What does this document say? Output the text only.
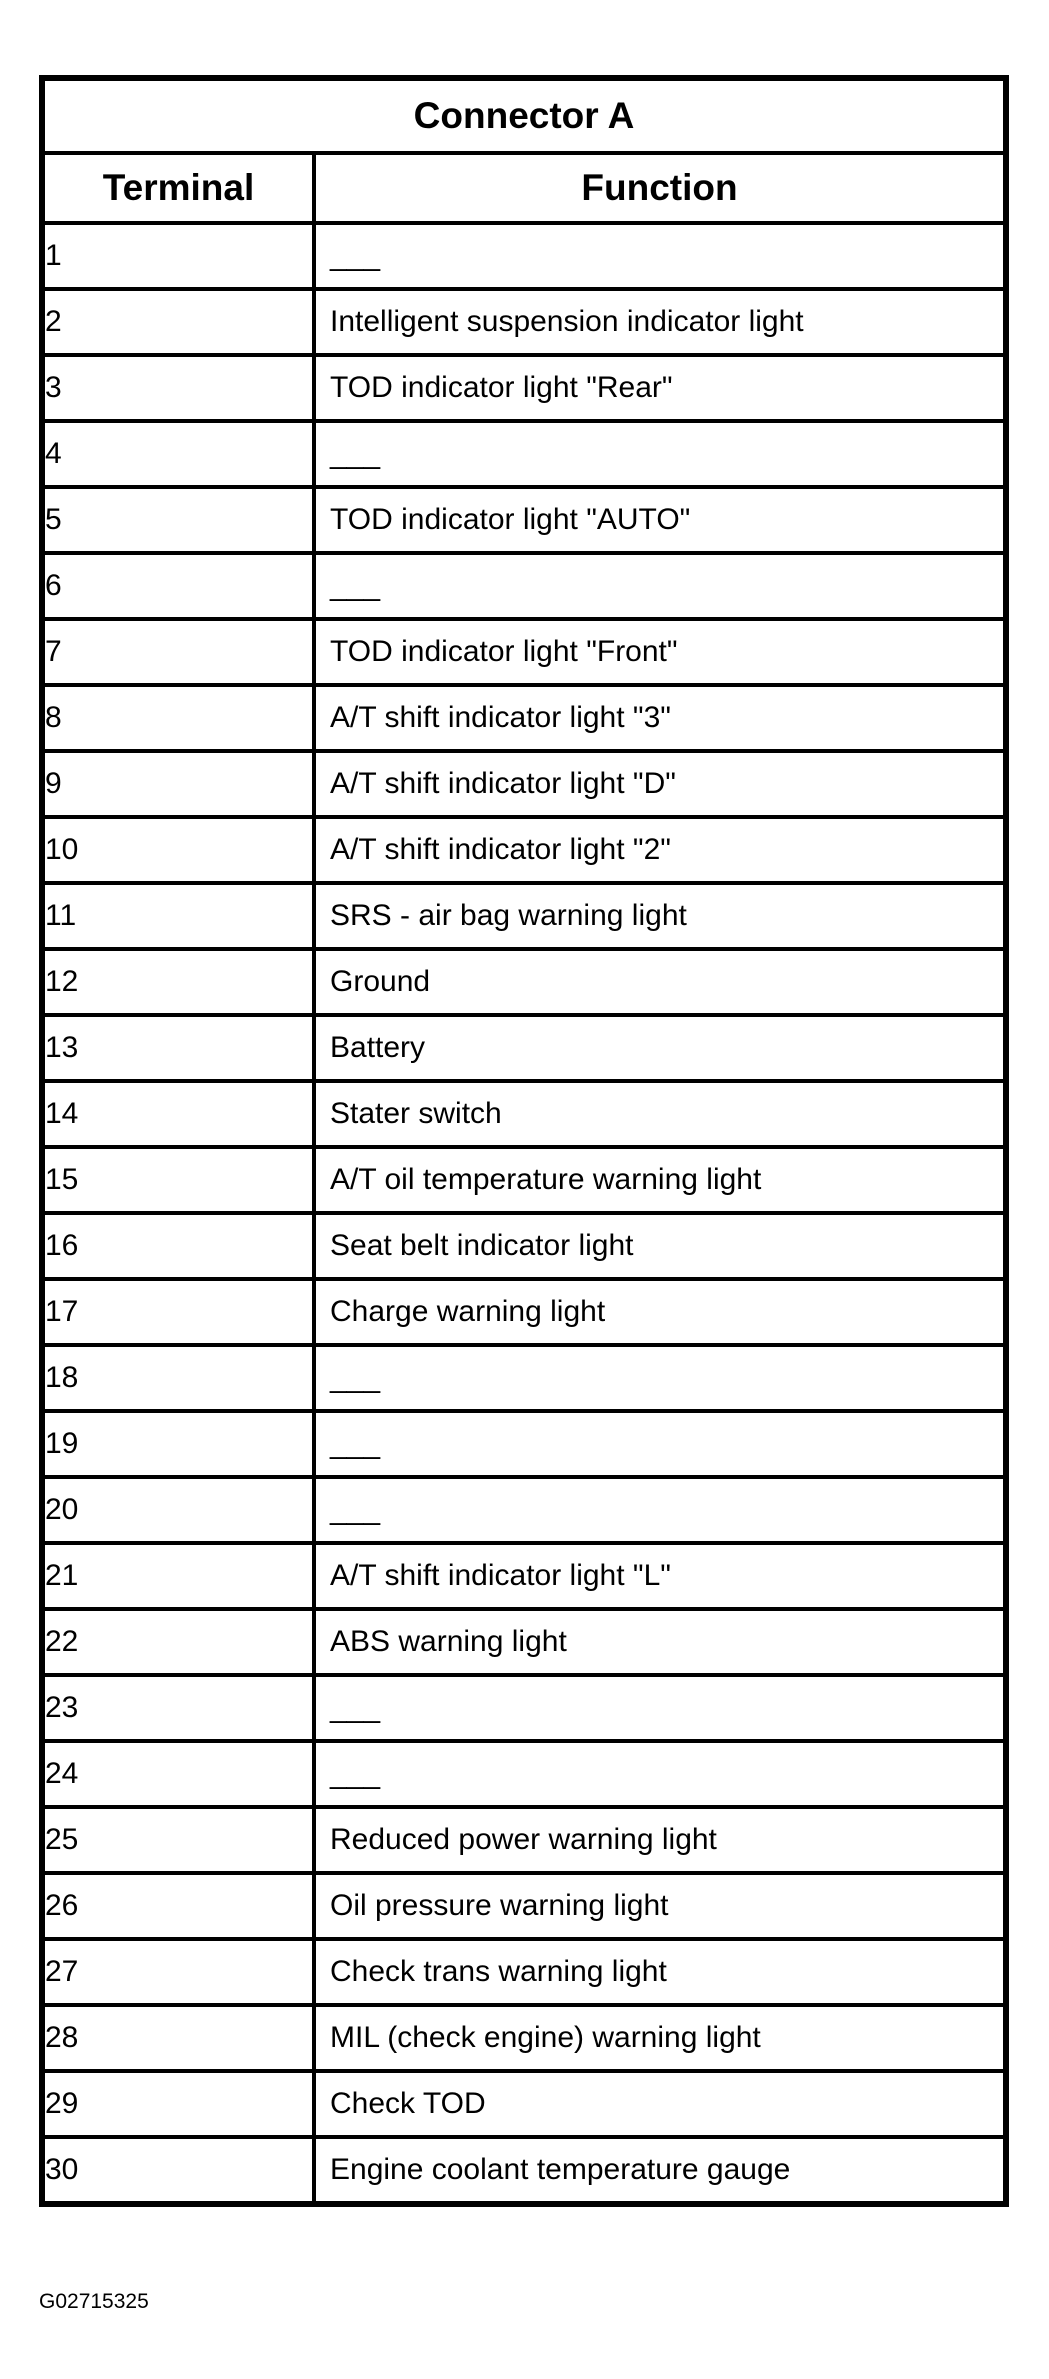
Connector A	
Terminal	Function
1	___
2	Intelligent suspension indicator light
3	TOD indicator light "Rear"
4	___
5	TOD indicator light "AUTO"
6	___
7	TOD indicator light "Front"
8	A/T shift indicator light "3"
9	A/T shift indicator light "D"
10	A/T shift indicator light "2"
11	SRS - air bag warning light
12	Ground
13	Battery
14	Stater switch
15	A/T oil temperature warning light
16	Seat belt indicator light
17	Charge warning light
18	___
19	___
20	___
21	A/T shift indicator light "L"
22	ABS warning light
23	___
24	___
25	Reduced power warning light
26	Oil pressure warning light
27	Check trans warning light
28	MIL (check engine) warning light
29	Check TOD
30	Engine coolant temperature gauge
G02715325
